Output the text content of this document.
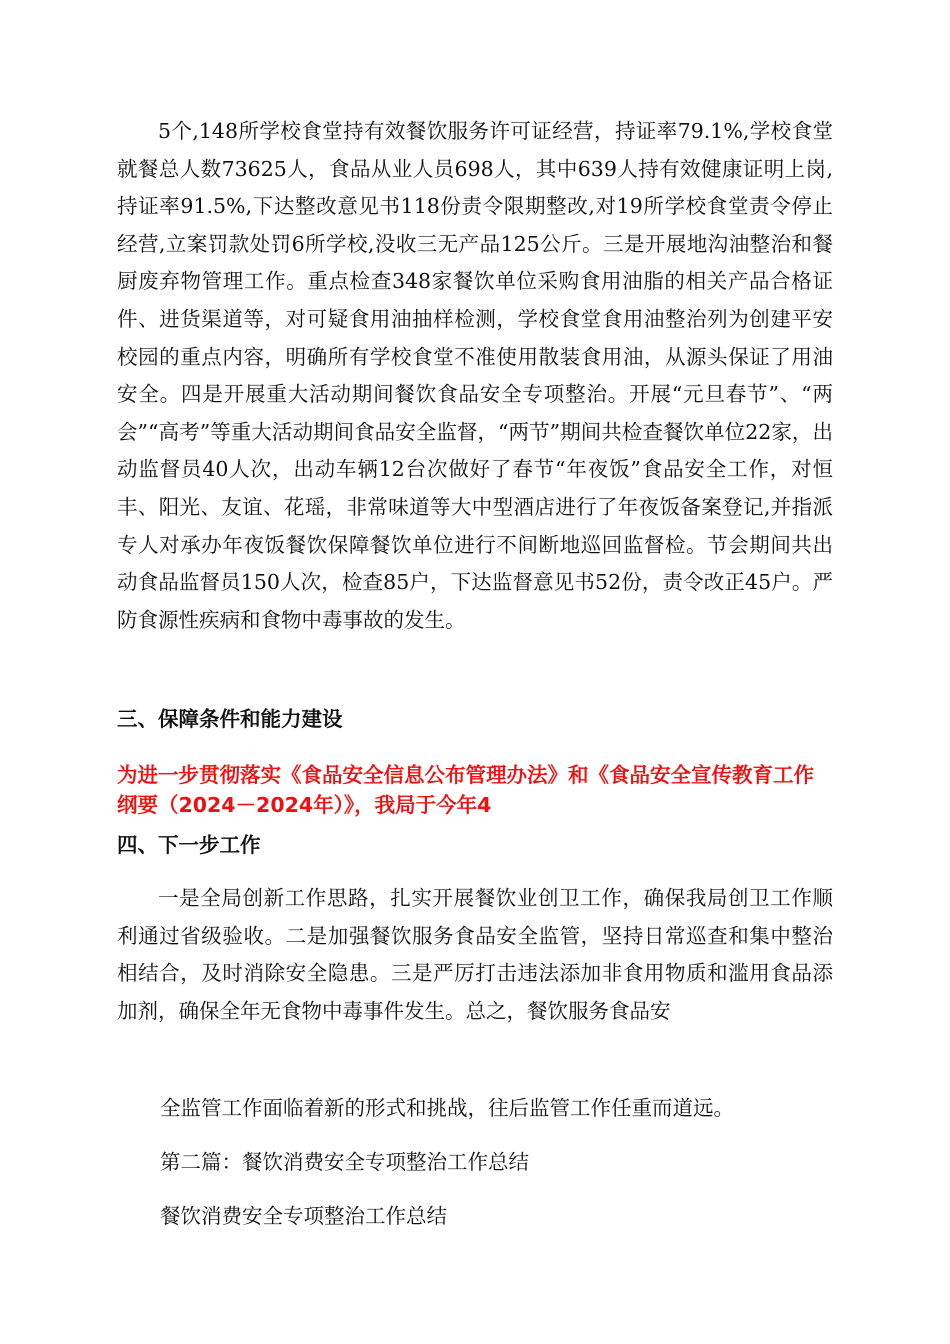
5个,148所学校食堂持有效餐饮服务许可证经营，持证率79.1%,学校食堂就餐总人数73625人，食品从业人员698人，其中639人持有效健康证明上岗,持证率91.5%,下达整改意见书118份责令限期整改,对19所学校食堂责令停止经营,立案罚款处罚6所学校,没收三无产品125公斤。三是开展地沟油整治和餐厨废弃物管理工作。重点检查348家餐饮单位采购食用油脂的相关产品合格证件、进货渠道等，对可疑食用油抽样检测，学校食堂食用油整治列为创建平安校园的重点内容，明确所有学校食堂不准使用散装食用油，从源头保证了用油安全。四是开展重大活动期间餐饮食品安全专项整治。开展“元旦春节”、“两会”“高考”等重大活动期间食品安全监督，“两节”期间共检查餐饮单位22家，出动监督员40人次，出动车辆12台次做好了春节“年夜饭”食品安全工作，对恒丰、阳光、友谊、花瑶，非常味道等大中型酒店进行了年夜饭备案登记,并指派专人对承办年夜饭餐饮保障餐饮单位进行不间断地巡回监督检。节会期间共出动食品监督员150人次，检查85户，下达监督意见书52份，责令改正45户。严防食源性疾病和食物中毒事故的发生。
三、保障条件和能力建设
为进一步贯彻落实《食品安全信息公布管理办法》和《食品安全宣传教育工作纲要（2024－2024年）》，我局于今年4
四、下一步工作
一是全局创新工作思路，扎实开展餐饮业创卫工作，确保我局创卫工作顺利通过省级验收。二是加强餐饮服务食品安全监管，坚持日常巡查和集中整治相结合，及时消除安全隐患。三是严厉打击违法添加非食用物质和滥用食品添加剂，确保全年无食物中毒事件发生。总之，餐饮服务食品安
全监管工作面临着新的形式和挑战，往后监管工作任重而道远。
第二篇：餐饮消费安全专项整治工作总结
餐饮消费安全专项整治工作总结
